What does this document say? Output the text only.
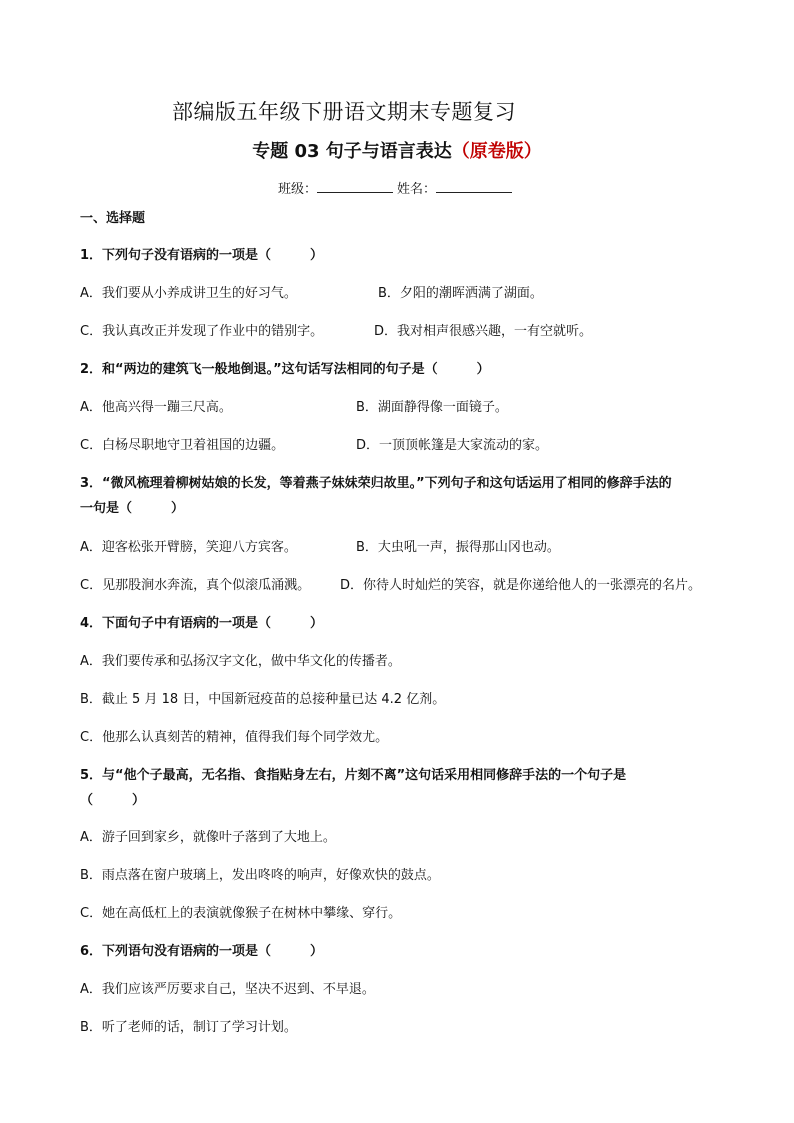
部编版五年级下册语文期末专题复习
专题 03 句子与语言表达（原卷版）
班级：	姓名：
一、选择题
1．下列句子没有语病的一项是（　　　）
A．我们要从小养成讲卫生的好习气。	B．夕阳的潮晖洒满了湖面。
C．我认真改正并发现了作业中的错别字。	D．我对相声很感兴趣，一有空就听。
2．和“两边的建筑飞一般地倒退。”这句话写法相同的句子是（　　　）
A．他高兴得一蹦三尺高。	B．湖面静得像一面镜子。
C．白杨尽职地守卫着祖国的边疆。	D．一顶顶帐篷是大家流动的家。
3．“微风梳理着柳树姑娘的长发，等着燕子妹妹荣归故里。”下列句子和这句话运用了相同的修辞手法的
一句是（　　　）
A．迎客松张开臂膀，笑迎八方宾客。	B．大虫吼一声，振得那山冈也动。
C．见那股涧水奔流，真个似滚瓜涌溅。 D．你待人时灿烂的笑容，就是你递给他人的一张漂亮的名片。
4．下面句子中有语病的一项是（　　　）
A．我们要传承和弘扬汉字文化，做中华文化的传播者。
B．截止 5 月 18 日，中国新冠疫苗的总接种量已达 4.2 亿剂。
C．他那么认真刻苦的精神，值得我们每个同学效尤。
5．与“他个子最高，无名指、食指贴身左右，片刻不离”这句话采用相同修辞手法的一个句子是
（　　　）
A．游子回到家乡，就像叶子落到了大地上。
B．雨点落在窗户玻璃上，发出咚咚的响声，好像欢快的鼓点。
C．她在高低杠上的表演就像猴子在树林中攀缘、穿行。
6．下列语句没有语病的一项是（　　　）
A．我们应该严厉要求自己，坚决不迟到、不早退。
B．听了老师的话，制订了学习计划。
